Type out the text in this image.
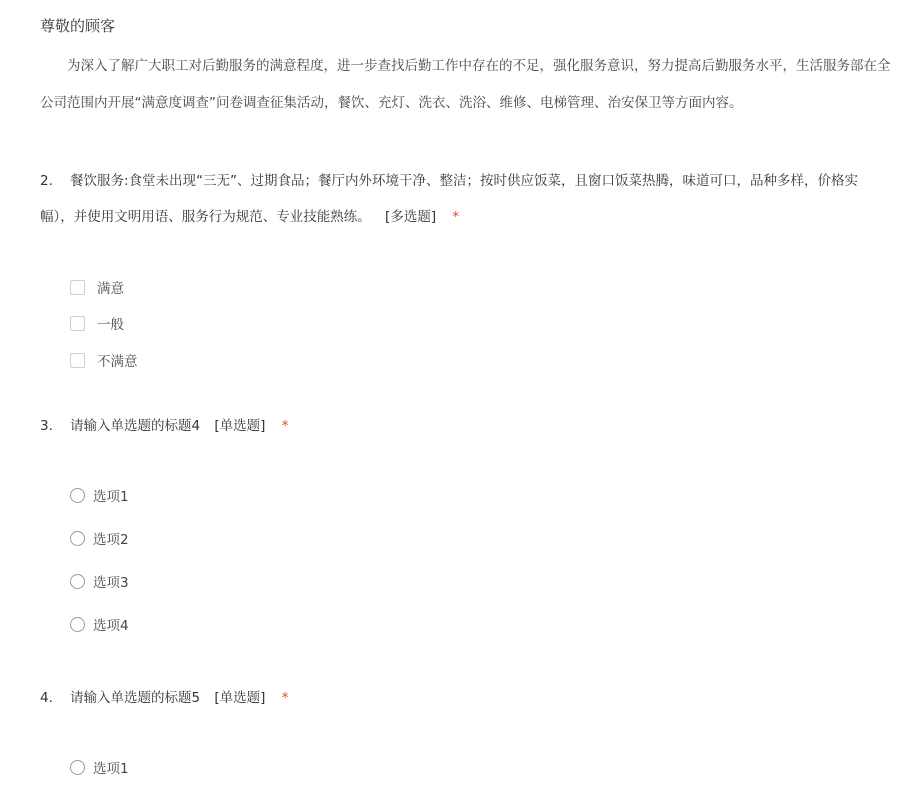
尊敬的顾客
为深入了解广大职工对后勤服务的满意程度，进一步查找后勤工作中存在的不足，强化服务意识，努力提高后勤服务水平，生活服务部在全公司范围内开展“满意度调查”问卷调查征集活动，餐饮、充灯、洗衣、洗浴、维修、电梯管理、治安保卫等方面内容。
2. 餐饮服务:食堂未出现“三无”、过期食品；餐厅内外环境干净、整洁；按时供应饭菜，且窗口饭菜热腾，味道可口，品种多样，价格实
幅），并使用文明用语、服务行为规范、专业技能熟练。 [多选题] *
满意
一般
不满意
3. 请输入单选题的标题4 [单选题] *
选项1
选项2
选项3
选项4
4. 请输入单选题的标题5 [单选题] *
选项1
